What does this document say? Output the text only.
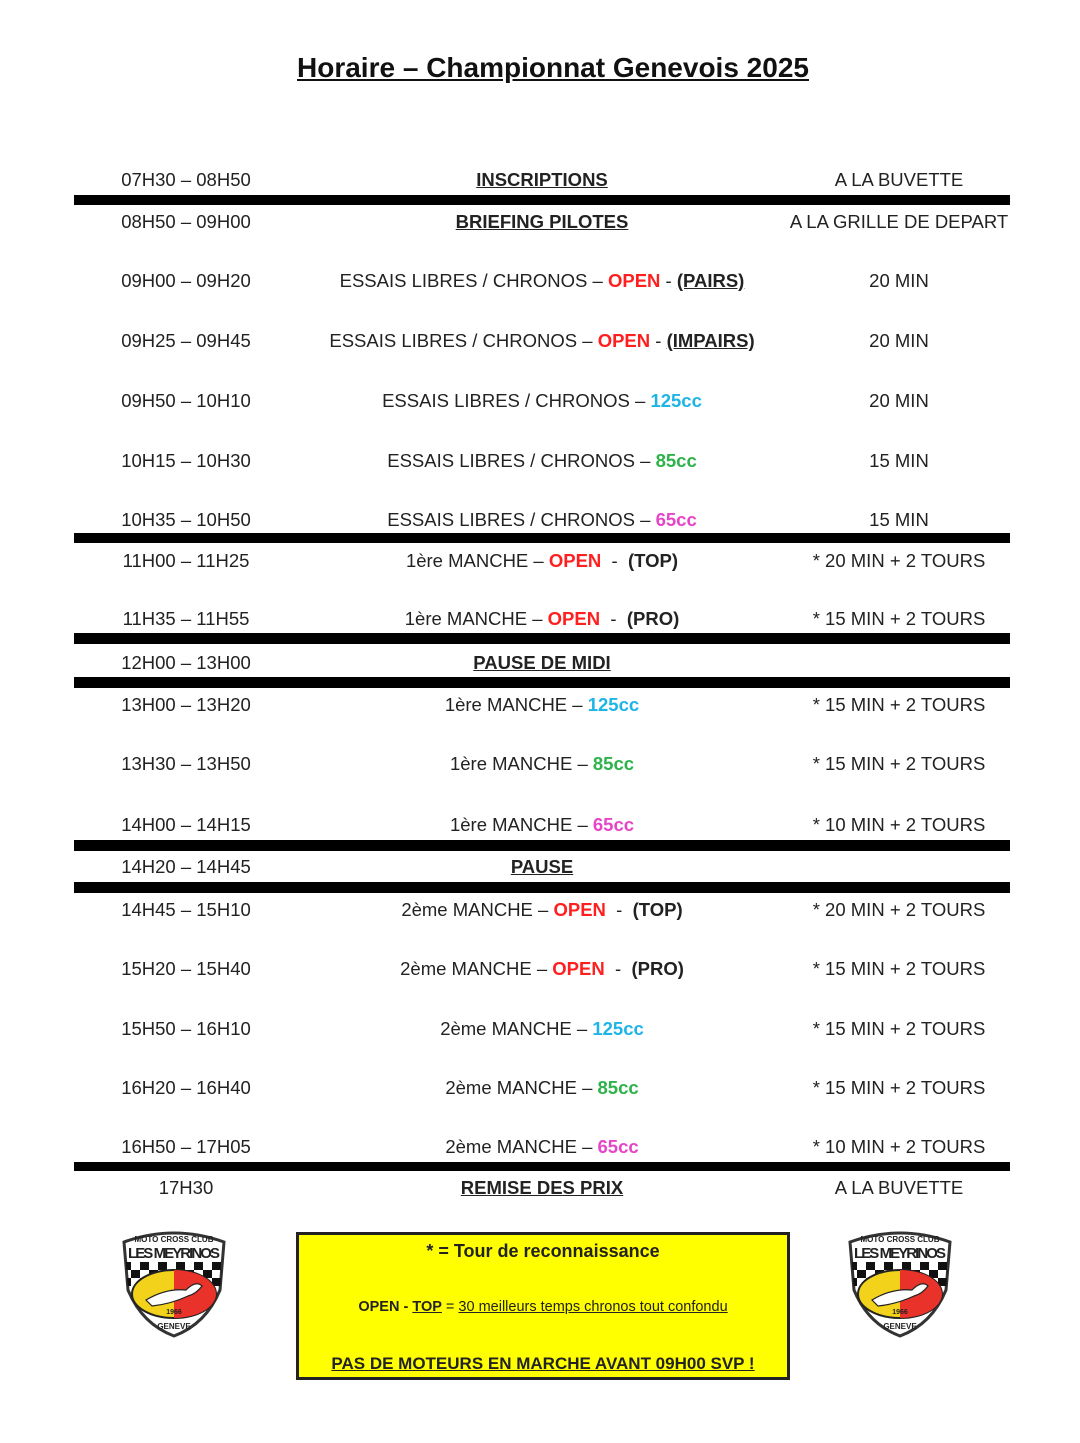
Horaire – Championnat Genevois 2025
07H30 – 08H50	INSCRIPTIONS	A LA BUVETTE
08H50 – 09H00	BRIEFING PILOTES	A LA GRILLE DE DEPART
09H00 – 09H20	ESSAIS LIBRES / CHRONOS – OPEN - (PAIRS)	20 MIN
09H25 – 09H45	ESSAIS LIBRES / CHRONOS – OPEN - (IMPAIRS)	20 MIN
09H50 – 10H10	ESSAIS LIBRES / CHRONOS – 125cc	20 MIN
10H15 – 10H30	ESSAIS LIBRES / CHRONOS – 85cc	15 MIN
10H35 – 10H50	ESSAIS LIBRES / CHRONOS – 65cc	15 MIN
11H00 – 11H25	1ère MANCHE – OPEN  -  (TOP)	* 20 MIN + 2 TOURS
11H35 – 11H55	1ère MANCHE – OPEN  -  (PRO)	* 15 MIN + 2 TOURS
12H00 – 13H00	PAUSE DE MIDI
13H00 – 13H20	1ère MANCHE – 125cc	* 15 MIN + 2 TOURS
13H30 – 13H50	1ère MANCHE – 85cc	* 15 MIN + 2 TOURS
14H00 – 14H15	1ère MANCHE – 65cc	* 10 MIN + 2 TOURS
14H20 – 14H45	PAUSE
14H45 – 15H10	2ème MANCHE – OPEN  -  (TOP)	* 20 MIN + 2 TOURS
15H20 – 15H40	2ème MANCHE – OPEN  -  (PRO)	* 15 MIN + 2 TOURS
15H50 – 16H10	2ème MANCHE – 125cc	* 15 MIN + 2 TOURS
16H20 – 16H40	2ème MANCHE – 85cc	* 15 MIN + 2 TOURS
16H50 – 17H05	2ème MANCHE – 65cc	* 10 MIN + 2 TOURS
17H30	REMISE DES PRIX	A LA BUVETTE
* = Tour de reconnaissance
OPEN - TOP = 30 meilleurs temps chronos tout confondu
PAS DE MOTEURS EN MARCHE AVANT 09H00 SVP !
MOTO CROSS CLUB
LES MEYRINOS
1966
GENEVE
MOTO CROSS CLUB
LES MEYRINOS
1966
GENEVE
